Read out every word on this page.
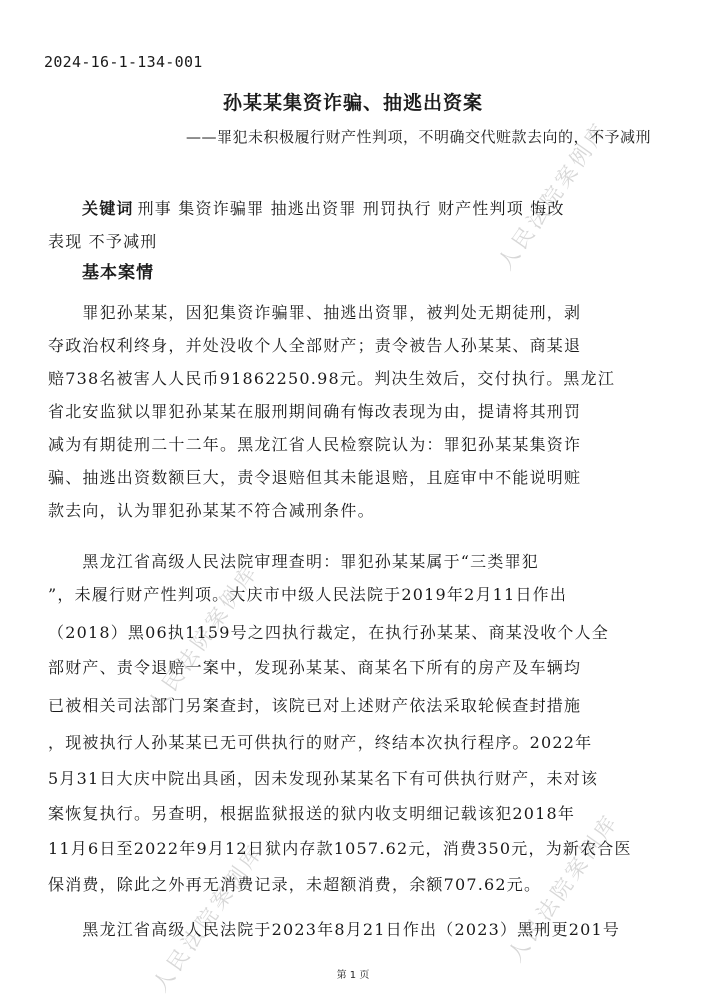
人民法院案例库
人民法院案例库
人民法院案例库
人民法院案例库
2024-16-1-134-001
孙某某集资诈骗、抽逃出资案
——罪犯未积极履行财产性判项，不明确交代赃款去向的，不予减刑
关键词 刑事 集资诈骗罪 抽逃出资罪 刑罚执行 财产性判项 悔改
表现 不予减刑
基本案情
　　罪犯孙某某，因犯集资诈骗罪、抽逃出资罪，被判处无期徒刑，剥
夺政治权利终身，并处没收个人全部财产；责令被告人孙某某、商某退
赔738名被害人人民币91862250.98元。判决生效后，交付执行。黑龙江
省北安监狱以罪犯孙某某在服刑期间确有悔改表现为由，提请将其刑罚
减为有期徒刑二十二年。黑龙江省人民检察院认为：罪犯孙某某集资诈
骗、抽逃出资数额巨大，责令退赔但其未能退赔，且庭审中不能说明赃
款去向，认为罪犯孙某某不符合减刑条件。
　　黑龙江省高级人民法院审理查明：罪犯孙某某属于“三类罪犯
”，未履行财产性判项。大庆市中级人民法院于2019年2月11日作出
（2018）黑06执1159号之四执行裁定，在执行孙某某、商某没收个人全
部财产、责令退赔一案中，发现孙某某、商某名下所有的房产及车辆均
已被相关司法部门另案查封，该院已对上述财产依法采取轮候查封措施
，现被执行人孙某某已无可供执行的财产，终结本次执行程序。2022年
5月31日大庆中院出具函，因未发现孙某某名下有可供执行财产，未对该
案恢复执行。另查明，根据监狱报送的狱内收支明细记载该犯2018年
11月6日至2022年9月12日狱内存款1057.62元，消费350元，为新农合医
保消费，除此之外再无消费记录，未超额消费，余额707.62元。
　　黑龙江省高级人民法院于2023年8月21日作出（2023）黑刑更201号
第 1 页
